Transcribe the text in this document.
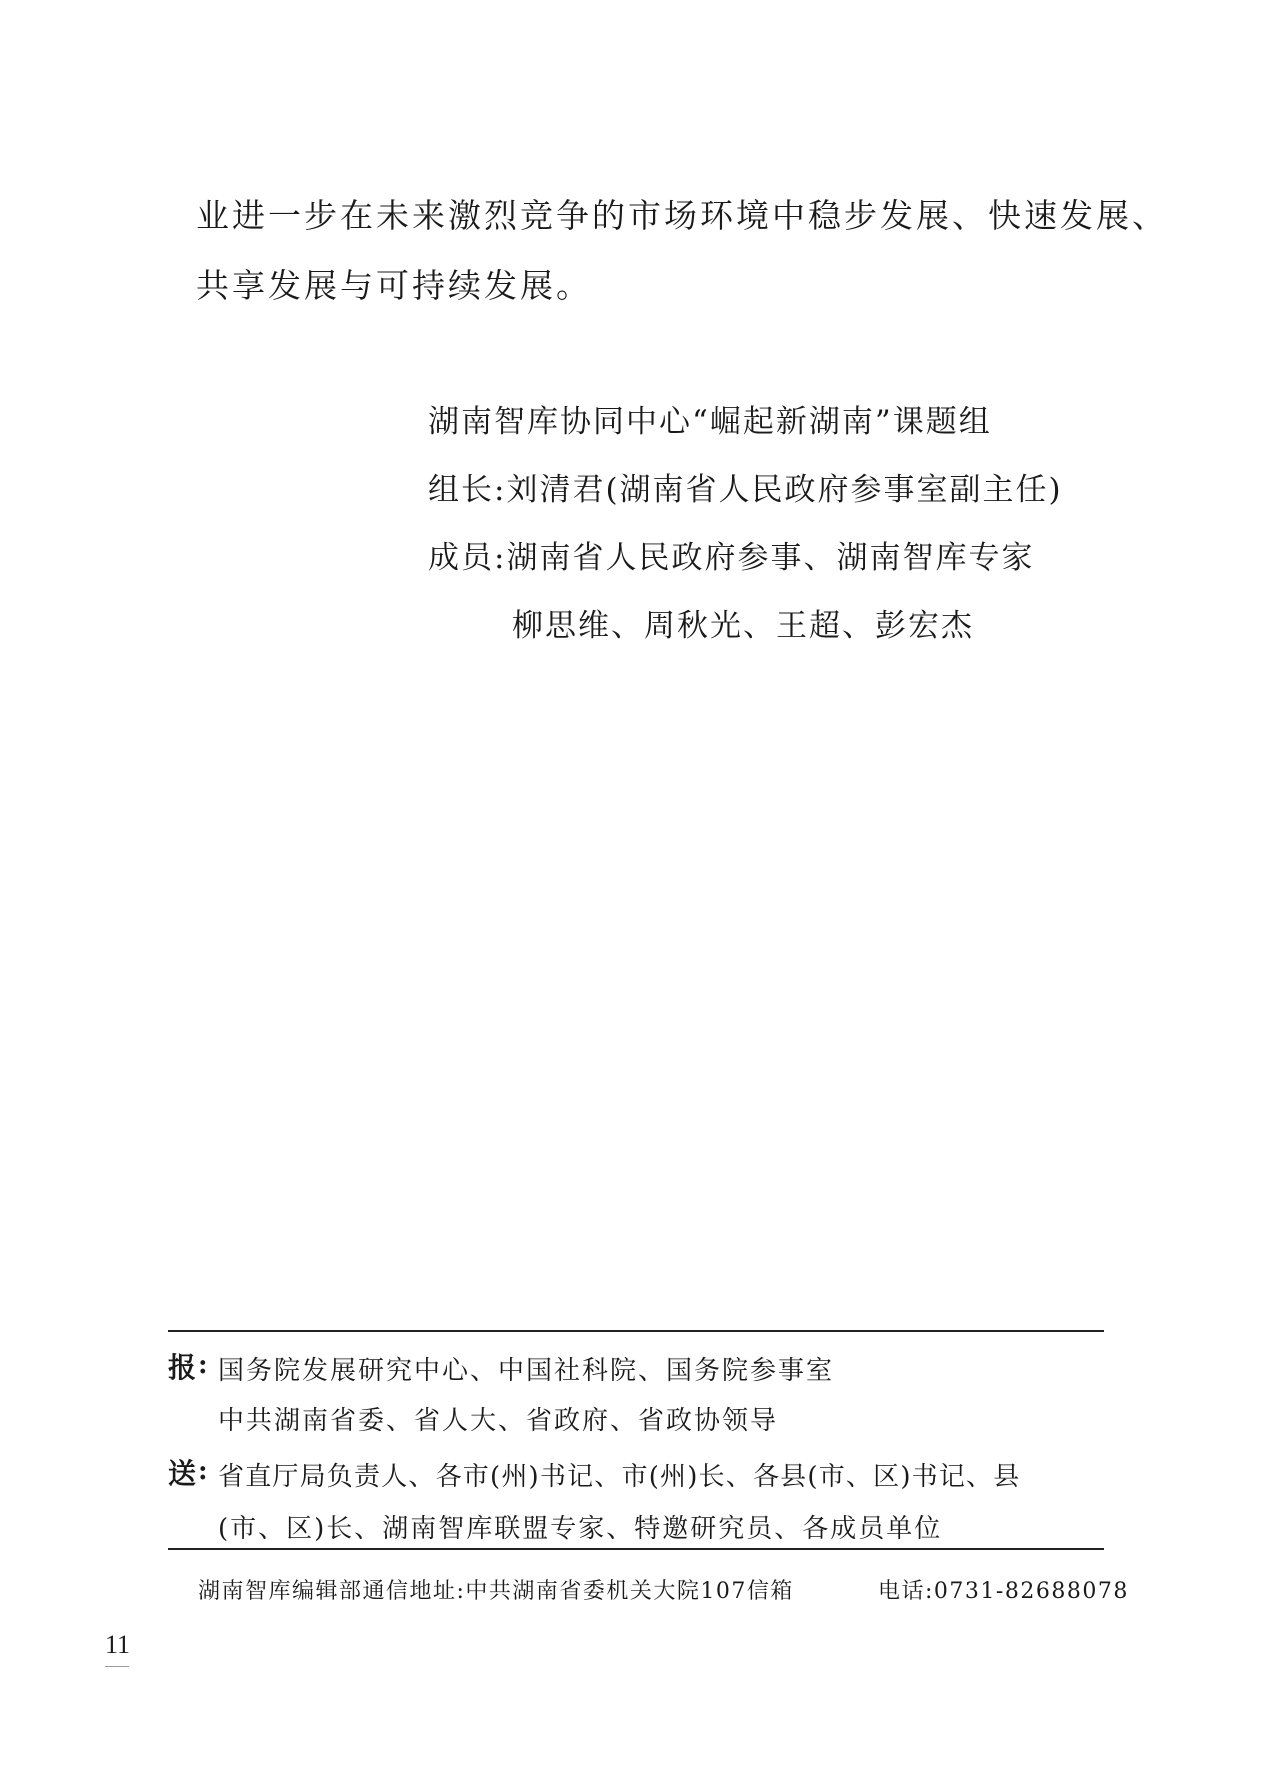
业进一步在未来激烈竞争的市场环境中稳步发展、快速发展、
共享发展与可持续发展。
湖南智库协同中心“崛起新湖南”课题组
组长:刘清君(湖南省人民政府参事室副主任)
成员:湖南省人民政府参事、湖南智库专家
柳思维、周秋光、王超、彭宏杰
报 : 国务院发展研究中心、中国社科院、国务院参事室
中共湖南省委、省人大、省政府、省政协领导
送 : 省直厅局负责人、各市(州)书记、市(州)长、各县(市、区)书记、县
(市、区)长、湖南智库联盟专家、特邀研究员、各成员单位
湖南智库编辑部通信地址:中共湖南省委机关大院107信箱	电话:0731-82688078
11
